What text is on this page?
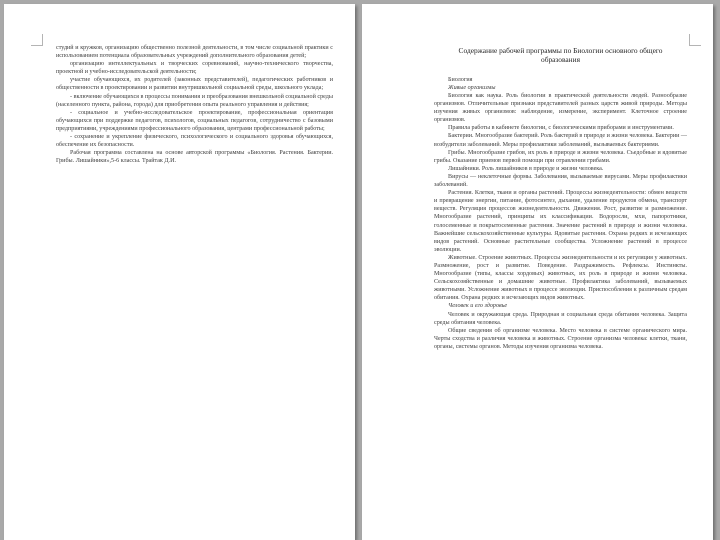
студий и кружков, организацию общественно полезной деятельности, в том числе социальной практики с использованием потенциала образовательных учреждений дополнительного образования детей;

организацию интеллектуальных и творческих соревнований, научно-технического творчества, проектной и учебно-исследовательской деятельности;

участие обучающихся, их родителей (законных представителей), педагогических работников и общественности в проектировании и развитии внутришкольной социальной среды, школьного уклада;

- включение обучающихся в процессы понимания и преобразования внешкольной социальной среды (населенного пункта, района, города) для приобретения опыта реального управления и действия;

- социальное и учебно-исследовательское проектирование, профессиональная ориентация обучающихся при поддержке педагогов, психологов, социальных педагогов, сотрудничество с базовыми предприятиями, учреждениями профессионального образования, центрами профессиональной работы;

- сохранение и укрепление физического, психологического и социального здоровья обучающихся, обеспечение их безопасности.

Рабочая программа составлена на основе авторской программы «Биология. Растения. Бактерии. Грибы. Лишайники»,5-6 классы. Трайтак Д.И.

Содержание рабочей программы по Биологии основного общего образования

Биология

Живые организмы

Биология как наука. Роль биологии в практической деятельности людей. Разнообразие организмов. Отличительные признаки представителей разных царств живой природы. Методы изучения живых организмов: наблюдение, измерение, эксперимент. Клеточное строение организмов.

Правила работы в кабинете биологии, с биологическими приборами и инструментами.

Бактерии. Многообразие бактерий. Роль бактерий в природе и жизни человека. Бактерии — возбудители заболеваний. Меры профилактики заболеваний, вызываемых бактериями.

Грибы. Многообразие грибов, их роль в природе и жизни человека. Съедобные и ядовитые грибы. Оказание приемов первой помощи при отравлении грибами.

Лишайники. Роль лишайников в природе и жизни человека.

Вирусы — неклеточные формы. Заболевания, вызываемые вирусами. Меры профилактики заболеваний.

Растения. Клетки, ткани и органы растений. Процессы жизнедеятельности: обмен веществ и превращение энергии, питание, фотосинтез, дыхание, удаление продуктов обмена, транспорт веществ. Регуляция процессов жизнедеятельности. Движения. Рост, развитие и размножение. Многообразие растений, принципы их классификации. Водоросли, мхи, папоротники, голосеменные и покрытосеменные растения. Значение растений в природе и жизни человека. Важнейшие сельскохозяйственные культуры. Ядовитые растения. Охрана редких и исчезающих видов растений. Основные растительные сообщества. Усложнение растений в процессе эволюции.

Животные. Строение животных. Процессы жизнедеятельности и их регуляция у животных. Размножение, рост и развитие. Поведение. Раздражимость. Рефлексы. Инстинкты. Многообразие (типы, классы хордовых) животных, их роль в природе и жизни человека. Сельскохозяйственные и домашние животные. Профилактика заболеваний, вызываемых животными. Усложнение животных в процессе эволюции. Приспособления к различным средам обитания. Охрана редких и исчезающих видов животных.

Человек и его здоровье

Человек и окружающая среда. Природная и социальная среда обитания человека. Защита среды обитания человека.

Общие сведения об организме человека. Место человека в системе органического мира. Черты сходства и различия человека и животных. Строение организма человека: клетки, ткани, органы, системы органов. Методы изучения организма человека.
